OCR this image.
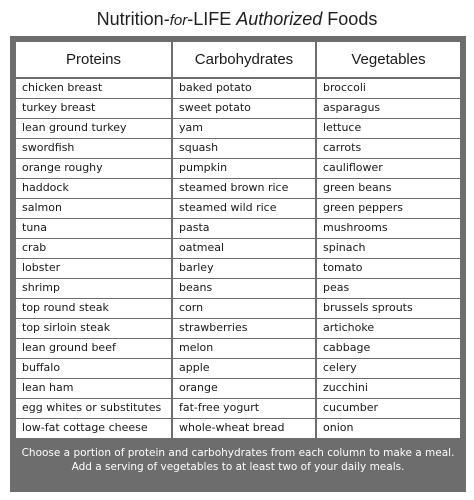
Nutrition-for-LIFE Authorized Foods
Proteins	Carbohydrates	Vegetables
chicken breast	baked potato	broccoli
turkey breast	sweet potato	asparagus
lean ground turkey	yam	lettuce
swordfish	squash	carrots
orange roughy	pumpkin	cauliflower
haddock	steamed brown rice	green beans
salmon	steamed wild rice	green peppers
tuna	pasta	mushrooms
crab	oatmeal	spinach
lobster	barley	tomato
shrimp	beans	peas
top round steak	corn	brussels sprouts
top sirloin steak	strawberries	artichoke
lean ground beef	melon	cabbage
buffalo	apple	celery
lean ham	orange	zucchini
egg whites or substitutes	fat-free yogurt	cucumber
low-fat cottage cheese	whole-wheat bread	onion
Choose a portion of protein and carbohydrates from each column to make a meal.
Add a serving of vegetables to at least two of your daily meals.
